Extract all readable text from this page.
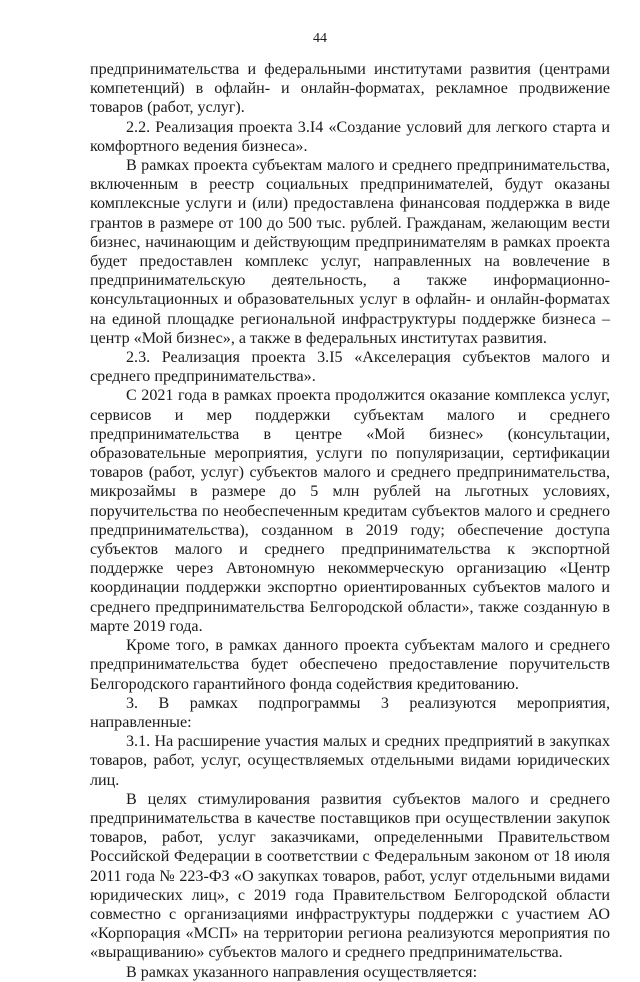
44

предпринимательства и федеральными институтами развития (центрами компетенций) в офлайн- и онлайн-форматах, рекламное продвижение товаров (работ, услуг).

2.2. Реализация проекта 3.I4 «Создание условий для легкого старта и комфортного ведения бизнеса».

В рамках проекта субъектам малого и среднего предпринимательства, включенным в реестр социальных предпринимателей, будут оказаны комплексные услуги и (или) предоставлена финансовая поддержка в виде грантов в размере от 100 до 500 тыс. рублей. Гражданам, желающим вести бизнес, начинающим и действующим предпринимателям в рамках проекта будет предоставлен комплекс услуг, направленных на вовлечение в предпринимательскую деятельность, а также информационно-консультационных и образовательных услуг в офлайн- и онлайн-форматах на единой площадке региональной инфраструктуры поддержке бизнеса – центр «Мой бизнес», а также в федеральных институтах развития.

2.3. Реализация проекта 3.I5 «Акселерация субъектов малого и среднего предпринимательства».

С 2021 года в рамках проекта продолжится оказание комплекса услуг, сервисов и мер поддержки субъектам малого и среднего предпринимательства в центре «Мой бизнес» (консультации, образовательные мероприятия, услуги по популяризации, сертификации товаров (работ, услуг) субъектов малого и среднего предпринимательства, микрозаймы в размере до 5 млн рублей на льготных условиях, поручительства по необеспеченным кредитам субъектов малого и среднего предпринимательства), созданном в 2019 году; обеспечение доступа субъектов малого и среднего предпринимательства к экспортной поддержке через Автономную некоммерческую организацию «Центр координации поддержки экспортно ориентированных субъектов малого и среднего предпринимательства Белгородской области», также созданную в марте 2019 года.

Кроме того, в рамках данного проекта субъектам малого и среднего предпринимательства будет обеспечено предоставление поручительств Белгородского гарантийного фонда содействия кредитованию.

3. В рамках подпрограммы 3 реализуются мероприятия, направленные:

3.1. На расширение участия малых и средних предприятий в закупках товаров, работ, услуг, осуществляемых отдельными видами юридических лиц.

В целях стимулирования развития субъектов малого и среднего предпринимательства в качестве поставщиков при осуществлении закупок товаров, работ, услуг заказчиками, определенными Правительством Российской Федерации в соответствии с Федеральным законом от 18 июля 2011 года № 223-ФЗ «О закупках товаров, работ, услуг отдельными видами юридических лиц», с 2019 года Правительством Белгородской области совместно с организациями инфраструктуры поддержки с участием АО «Корпорация «МСП» на территории региона реализуются мероприятия по «выращиванию» субъектов малого и среднего предпринимательства.

В рамках указанного направления осуществляется:
